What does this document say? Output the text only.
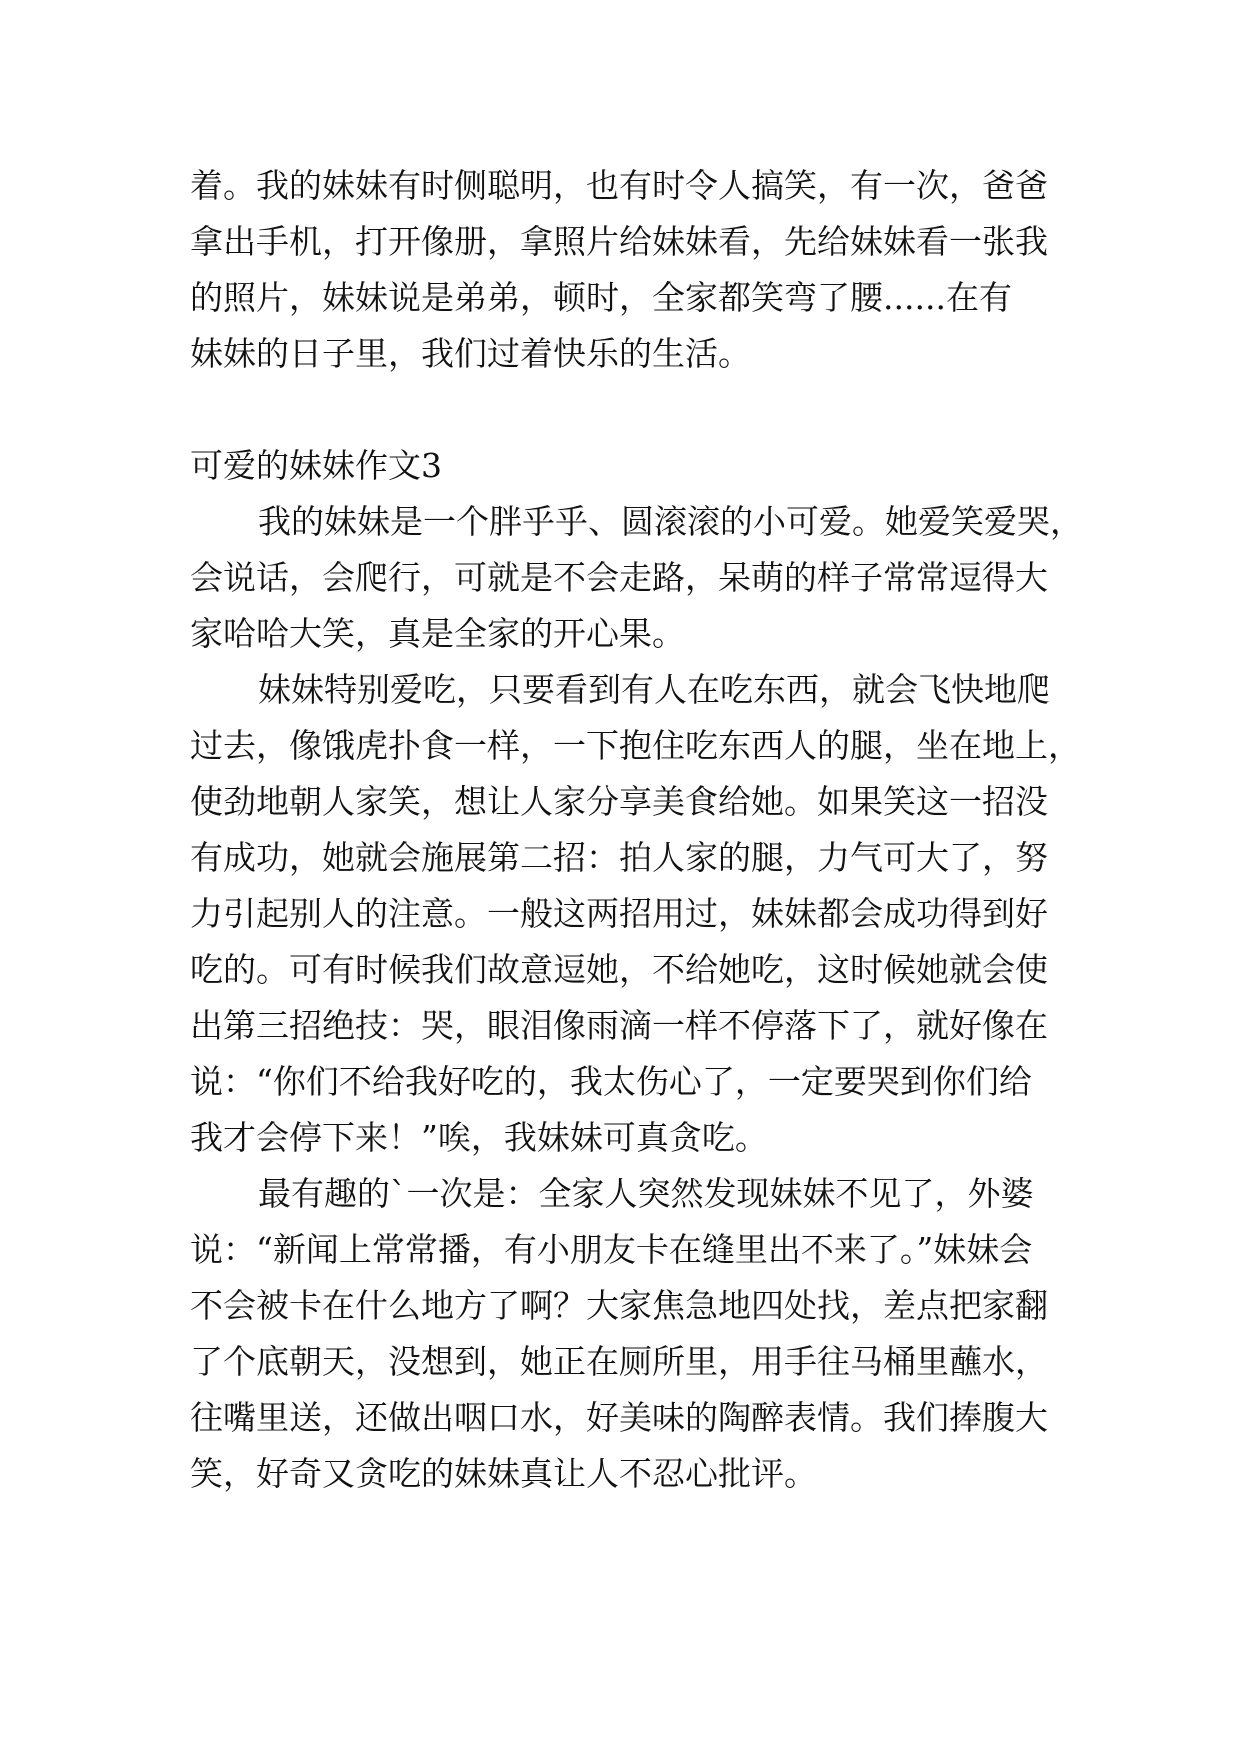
着。我的妹妹有时侧聪明，也有时令人搞笑，有一次，爸爸
拿出手机，打开像册，拿照片给妹妹看，先给妹妹看一张我
的照片，妹妹说是弟弟，顿时，全家都笑弯了腰......在有
妹妹的日子里，我们过着快乐的生活。
可爱的妹妹作文3
我的妹妹是一个胖乎乎、圆滚滚的小可爱。她爱笑爱哭，
会说话，会爬行，可就是不会走路，呆萌的样子常常逗得大
家哈哈大笑，真是全家的开心果。
妹妹特别爱吃，只要看到有人在吃东西，就会飞快地爬
过去，像饿虎扑食一样，一下抱住吃东西人的腿，坐在地上，
使劲地朝人家笑，想让人家分享美食给她。如果笑这一招没
有成功，她就会施展第二招：拍人家的腿，力气可大了，努
力引起别人的注意。一般这两招用过，妹妹都会成功得到好
吃的。可有时候我们故意逗她，不给她吃，这时候她就会使
出第三招绝技：哭，眼泪像雨滴一样不停落下了，就好像在
说：“你们不给我好吃的，我太伤心了，一定要哭到你们给
我才会停下来！”唉，我妹妹可真贪吃。
最有趣的`一次是：全家人突然发现妹妹不见了，外婆
说：“新闻上常常播，有小朋友卡在缝里出不来了。”妹妹会
不会被卡在什么地方了啊？大家焦急地四处找，差点把家翻
了个底朝天，没想到，她正在厕所里，用手往马桶里蘸水，
往嘴里送，还做出咽口水，好美味的陶醉表情。我们捧腹大
笑，好奇又贪吃的妹妹真让人不忍心批评。
